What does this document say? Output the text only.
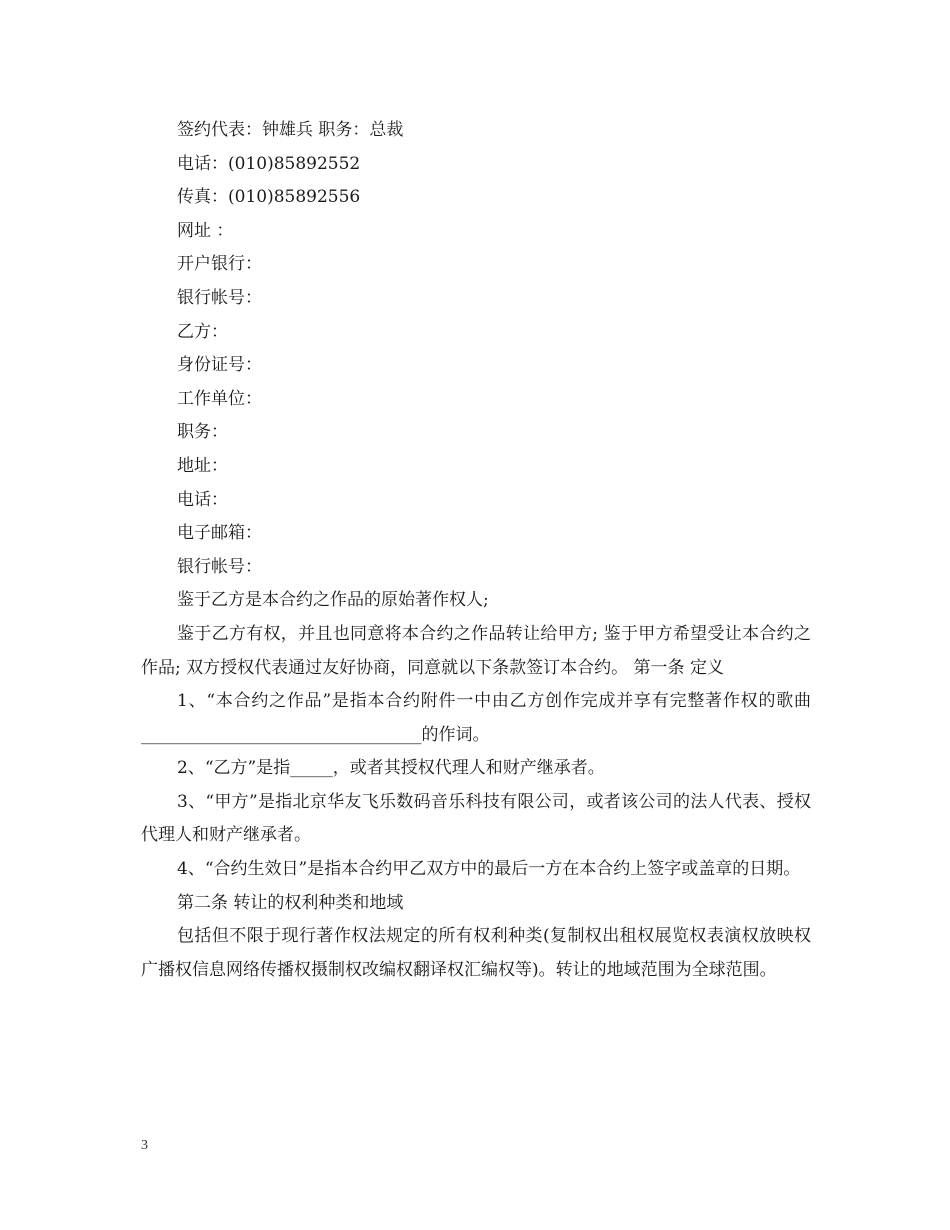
签约代表：钟雄兵 职务：总裁
电话：(010)85892552
传真：(010)85892556
网址 ：
开户银行：
银行帐号：
乙方：
身份证号：
工作单位：
职务：
地址：
电话：
电子邮箱：
银行帐号：

鉴于乙方是本合约之作品的原始著作权人;

鉴于乙方有权，并且也同意将本合约之作品转让给甲方; 鉴于甲方希望受让本合约之作品; 双方授权代表通过友好协商，同意就以下条款签订本合约。 第一条 定义

1、“本合约之作品”是指本合约附件一中由乙方创作完成并享有完整著作权的歌曲_________________________________的作词。

2、“乙方”是指_____，或者其授权代理人和财产继承者。

3、“甲方”是指北京华友飞乐数码音乐科技有限公司，或者该公司的法人代表、授权代理人和财产继承者。

4、“合约生效日”是指本合约甲乙双方中的最后一方在本合约上签字或盖章的日期。

第二条 转让的权利种类和地域

包括但不限于现行著作权法规定的所有权利种类(复制权出租权展览权表演权放映权广播权信息网络传播权摄制权改编权翻译权汇编权等)。转让的地域范围为全球范围。

3
